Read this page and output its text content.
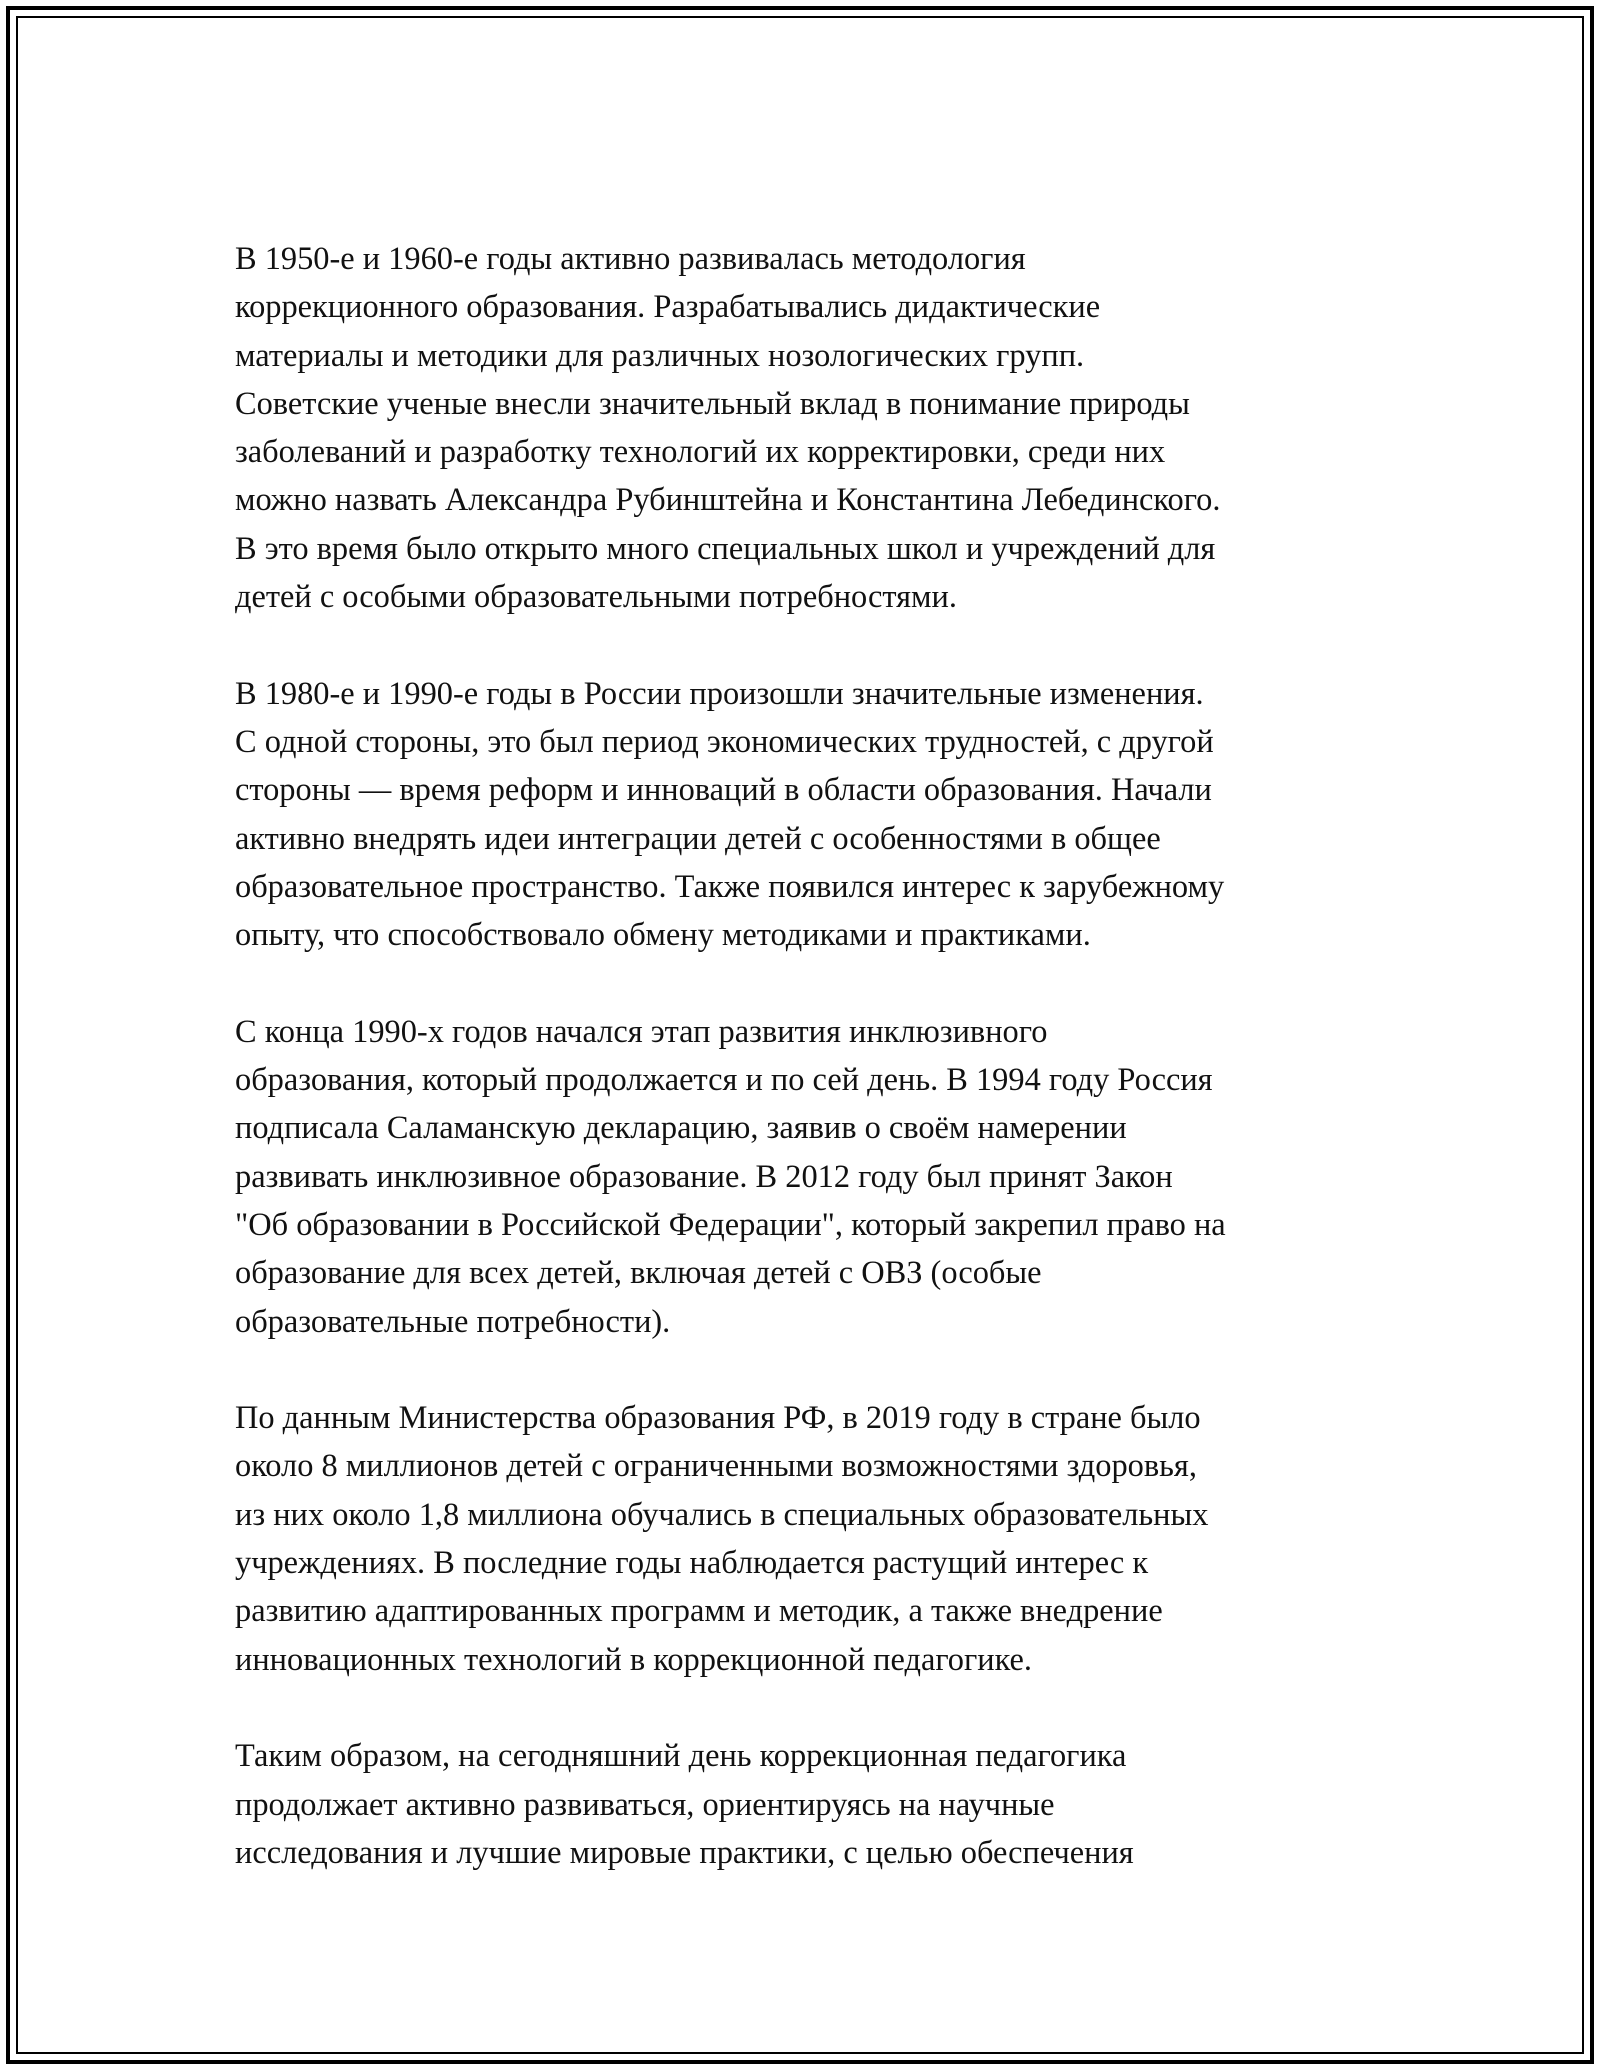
В 1950-е и 1960-е годы активно развивалась методология
коррекционного образования. Разрабатывались дидактические
материалы и методики для различных нозологических групп.
Советские ученые внесли значительный вклад в понимание природы
заболеваний и разработку технологий их корректировки, среди них
можно назвать Александра Рубинштейна и Константина Лебединского.
В это время было открыто много специальных школ и учреждений для
детей с особыми образовательными потребностями.

В 1980-е и 1990-е годы в России произошли значительные изменения.
С одной стороны, это был период экономических трудностей, с другой
стороны — время реформ и инноваций в области образования. Начали
активно внедрять идеи интеграции детей с особенностями в общее
образовательное пространство. Также появился интерес к зарубежному
опыту, что способствовало обмену методиками и практиками.

С конца 1990-х годов начался этап развития инклюзивного
образования, который продолжается и по сей день. В 1994 году Россия
подписала Саламанскую декларацию, заявив о своём намерении
развивать инклюзивное образование. В 2012 году был принят Закон
"Об образовании в Российской Федерации", который закрепил право на
образование для всех детей, включая детей с ОВЗ (особые
образовательные потребности).

По данным Министерства образования РФ, в 2019 году в стране было
около 8 миллионов детей с ограниченными возможностями здоровья,
из них около 1,8 миллиона обучались в специальных образовательных
учреждениях. В последние годы наблюдается растущий интерес к
развитию адаптированных программ и методик, а также внедрение
инновационных технологий в коррекционной педагогике.

Таким образом, на сегодняшний день коррекционная педагогика
продолжает активно развиваться, ориентируясь на научные
исследования и лучшие мировые практики, с целью обеспечения
